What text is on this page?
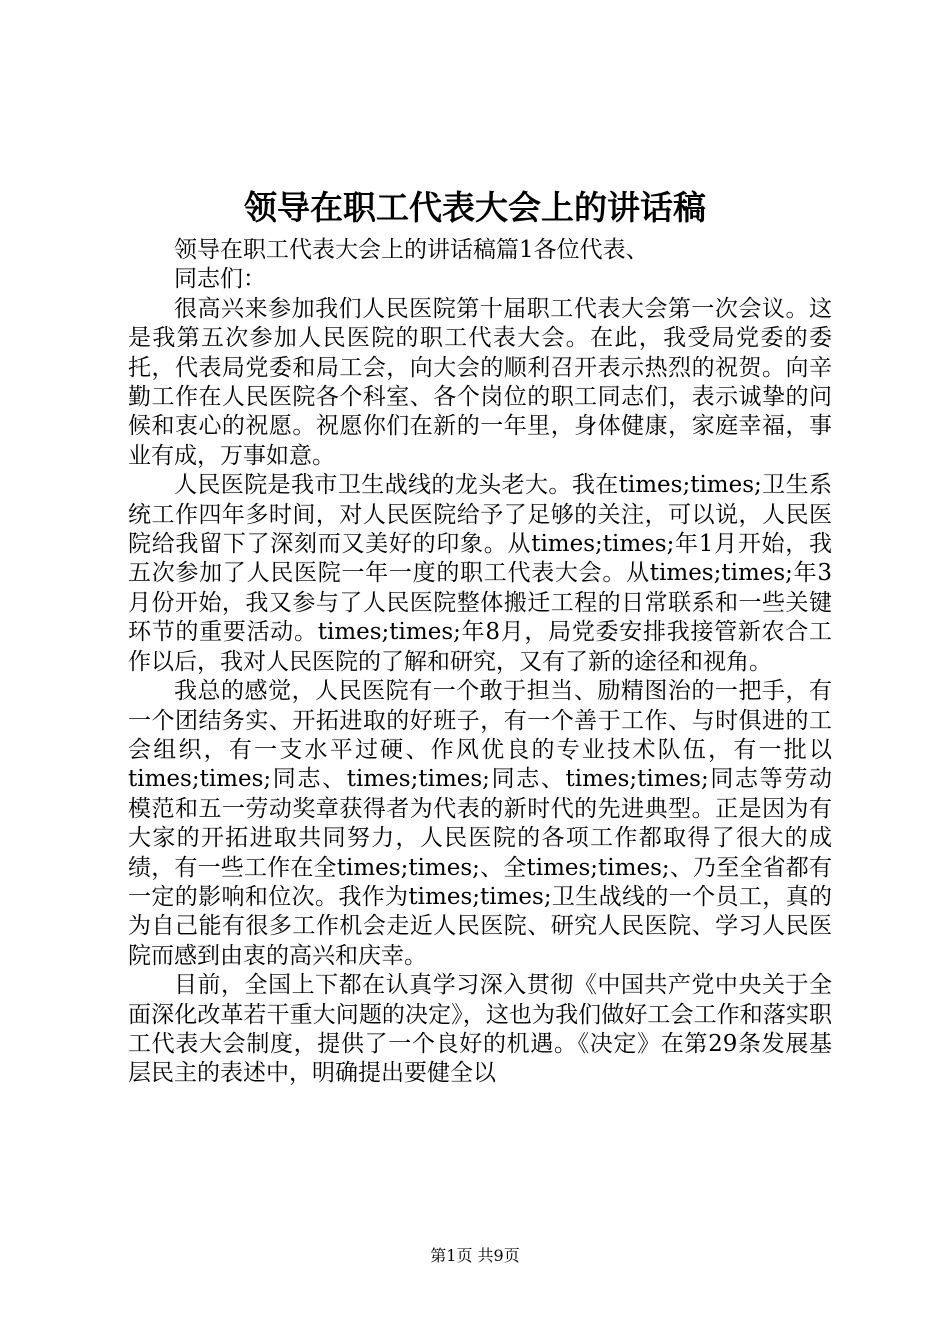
领导在职工代表大会上的讲话稿

领导在职工代表大会上的讲话稿篇1各位代表、

同志们：

很高兴来参加我们人民医院第十届职工代表大会第一次会议。这是我第五次参加人民医院的职工代表大会。在此，我受局党委的委托，代表局党委和局工会，向大会的顺利召开表示热烈的祝贺。向辛勤工作在人民医院各个科室、各个岗位的职工同志们，表示诚挚的问候和衷心的祝愿。祝愿你们在新的一年里，身体健康，家庭幸福，事业有成，万事如意。

人民医院是我市卫生战线的龙头老大。我在times;times;卫生系统工作四年多时间，对人民医院给予了足够的关注，可以说，人民医院给我留下了深刻而又美好的印象。从times;times;年1月开始，我五次参加了人民医院一年一度的职工代表大会。从times;times;年3月份开始，我又参与了人民医院整体搬迁工程的日常联系和一些关键环节的重要活动。times;times;年8月，局党委安排我接管新农合工作以后，我对人民医院的了解和研究，又有了新的途径和视角。

我总的感觉，人民医院有一个敢于担当、励精图治的一把手，有一个团结务实、开拓进取的好班子，有一个善于工作、与时俱进的工会组织，有一支水平过硬、作风优良的专业技术队伍，有一批以times;times;同志、times;times;同志、times;times;同志等劳动模范和五一劳动奖章获得者为代表的新时代的先进典型。正是因为有大家的开拓进取共同努力，人民医院的各项工作都取得了很大的成绩，有一些工作在全times;times;、全times;times;、乃至全省都有一定的影响和位次。我作为times;times;卫生战线的一个员工，真的为自己能有很多工作机会走近人民医院、研究人民医院、学习人民医院而感到由衷的高兴和庆幸。

目前，全国上下都在认真学习深入贯彻《中国共产党中央关于全面深化改革若干重大问题的决定》，这也为我们做好工会工作和落实职工代表大会制度，提供了一个良好的机遇。《决定》在第29条发展基层民主的表述中，明确提出要健全以

第1页 共9页
